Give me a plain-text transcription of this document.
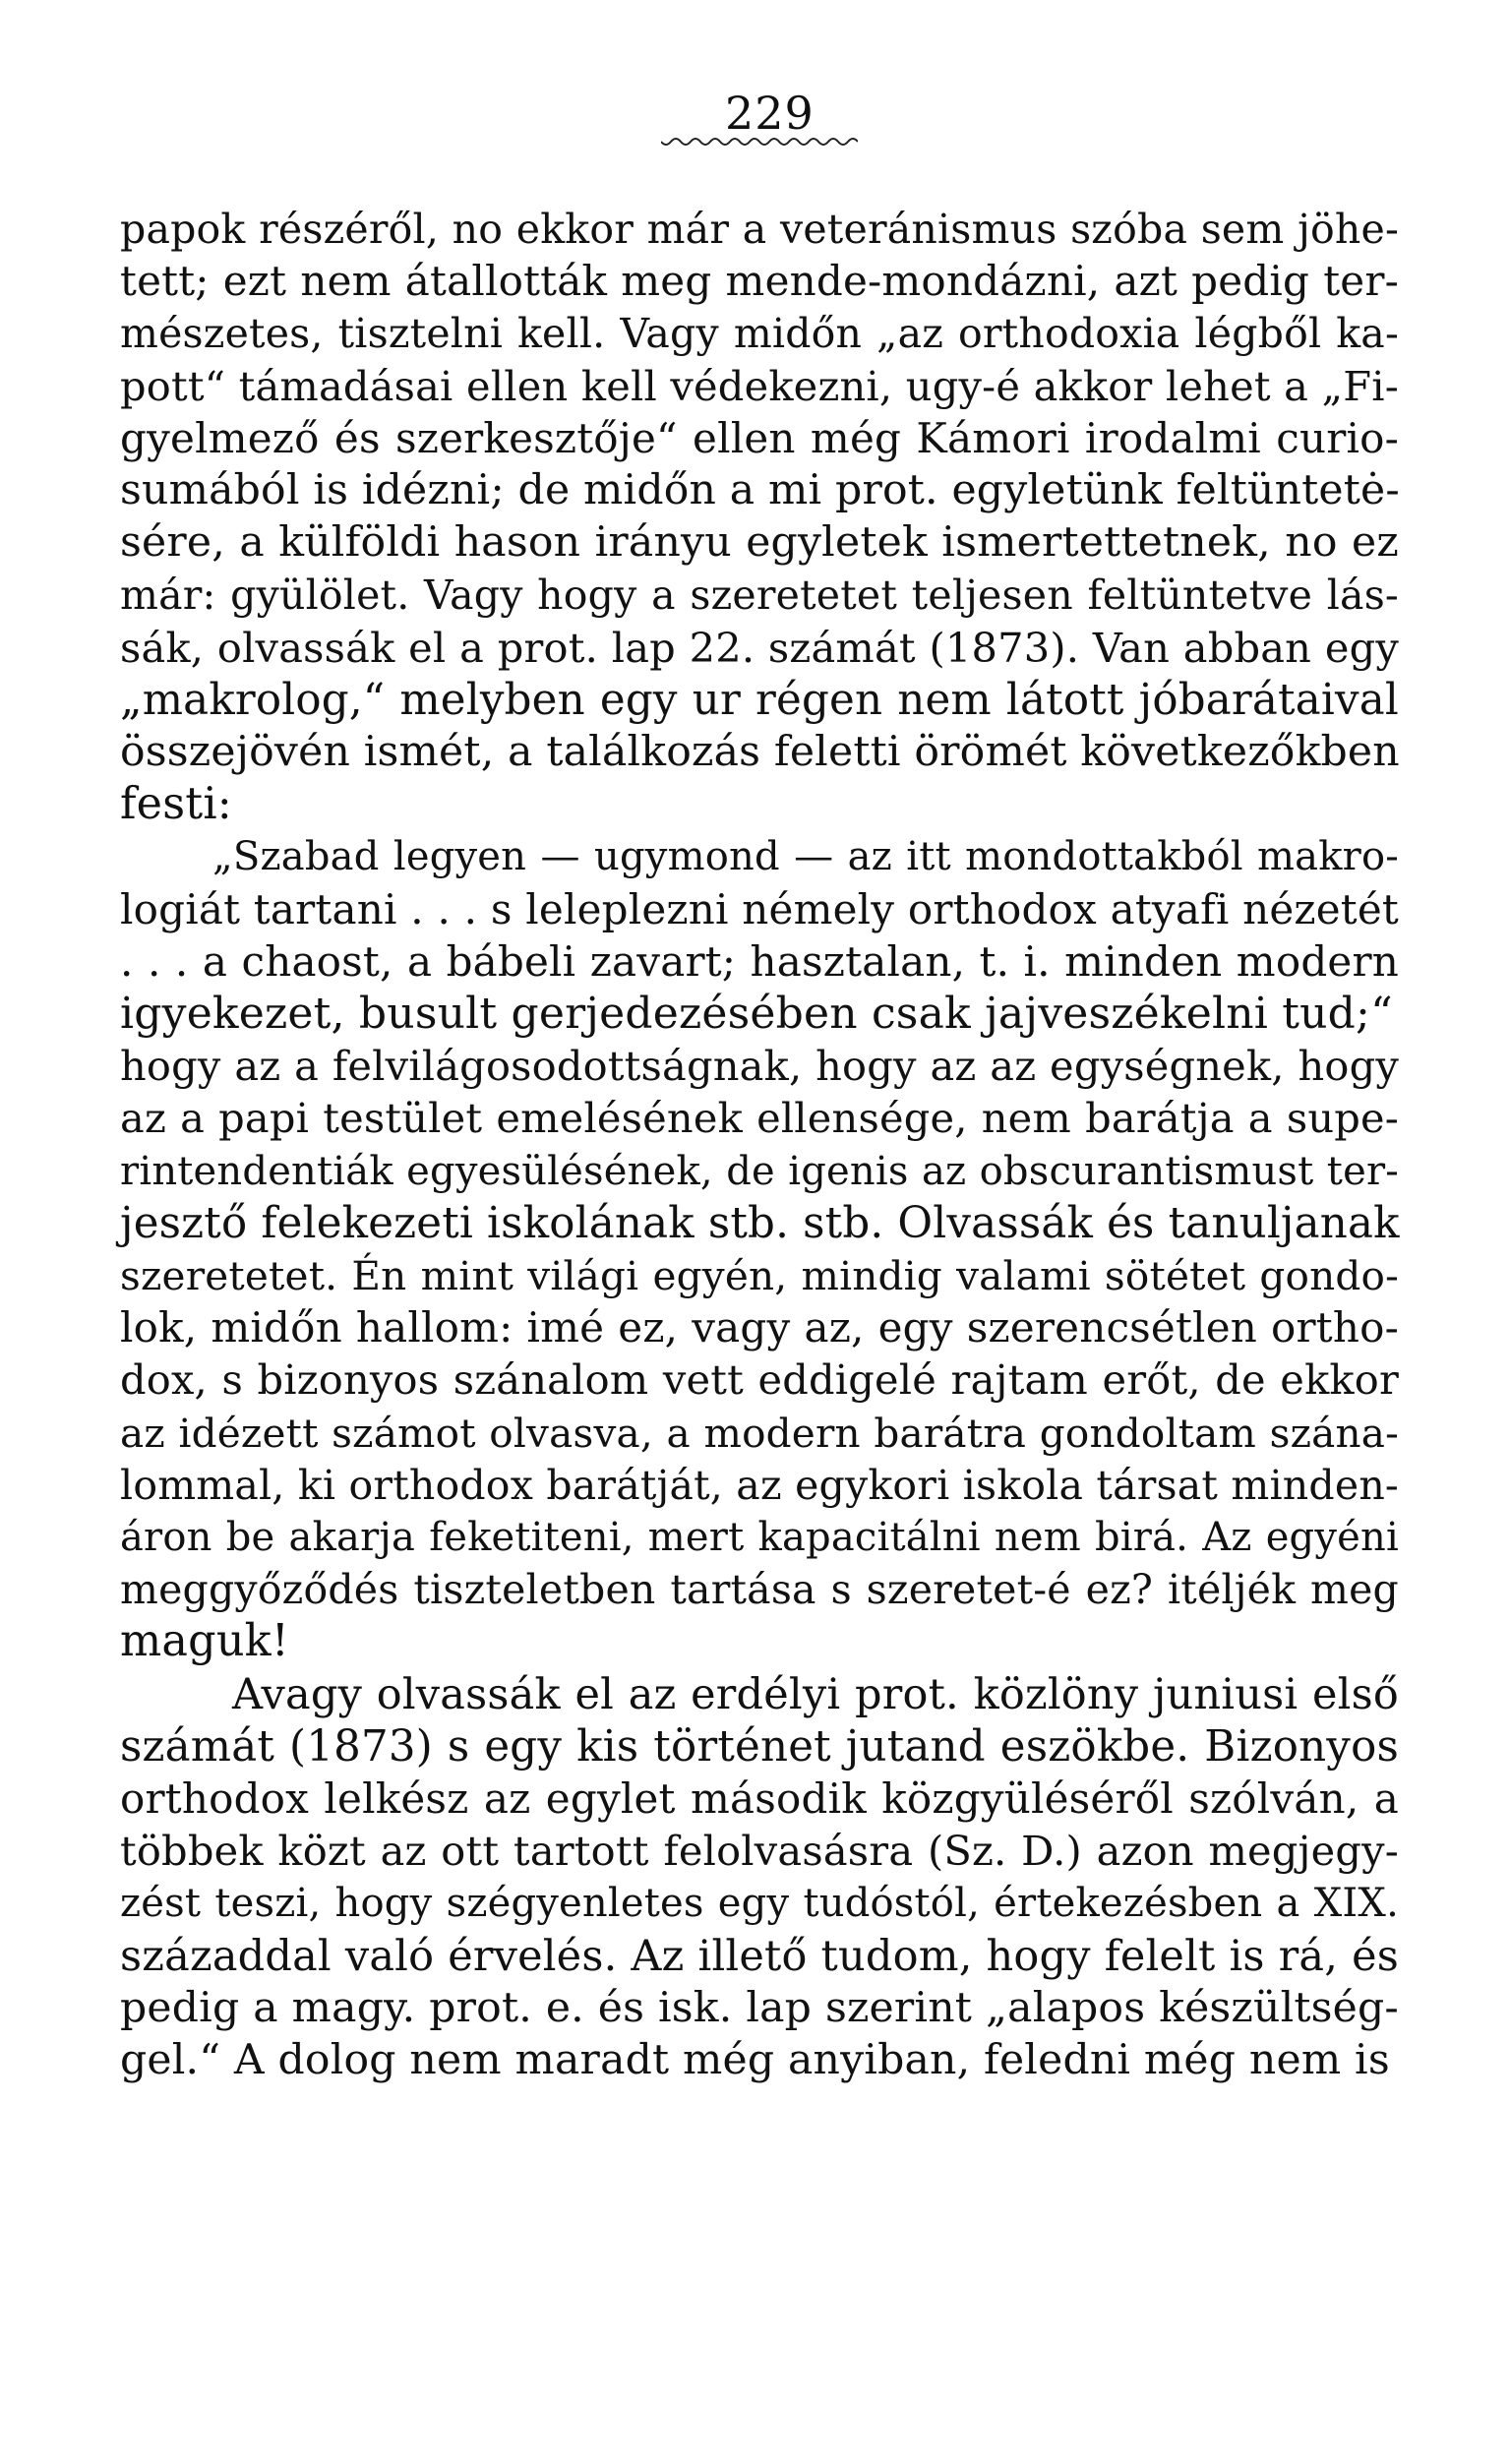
229
papok részéről, no ekkor már a veteránismus szóba sem jöhe-
tett; ezt nem átallották meg mende-mondázni, azt pedig ter-
mészetes, tisztelni kell. Vagy midőn „az orthodoxia légből ka-
pott“ támadásai ellen kell védekezni, ugy-é akkor lehet a „Fi-
gyelmező és szerkesztője“ ellen még Kámori irodalmi curio-
sumából is idézni; de midőn a mi prot. egyletünk feltüntetė-
sére, a külföldi hason irányu egyletek ismertettetnek, no ez
már: gyülölet. Vagy hogy a szeretetet teljesen feltüntetve lás-
sák, olvassák el a prot. lap 22. számát (1873). Van abban egy
„makrolog,“ melyben egy ur régen nem látott jóbarátaival
összejövén ismét, a találkozás feletti örömét következőkben
festi:
„Szabad legyen — ugymond — az itt mondottakból makro-
logiát tartani . . . s leleplezni némely orthodox atyafi nézetét
. . . a chaost, a bábeli zavart; hasztalan, t. i. minden modern
igyekezet, busult gerjedezésében csak jajveszékelni tud;“
hogy az a felvilágosodottságnak, hogy az az egységnek, hogy
az a papi testület emelésének ellensége, nem barátja a supe-
rintendentiák egyesülésének, de igenis az obscurantismust ter-
jesztő felekezeti iskolának stb. stb. Olvassák és tanuljanak
szeretetet. Én mint világi egyén, mindig valami sötétet gondo-
lok, midőn hallom: imé ez, vagy az, egy szerencsétlen ortho-
dox, s bizonyos szánalom vett eddigelé rajtam erőt, de ekkor
az idézett számot olvasva, a modern barátra gondoltam szána-
lommal, ki orthodox barátját, az egykori iskola társat minden-
áron be akarja feketiteni, mert kapacitálni nem birá. Az egyéni
meggyőződés tiszteletben tartása s szeretet-é ez? itéljék meg
maguk!
Avagy olvassák el az erdélyi prot. közlöny juniusi első
számát (1873) s egy kis történet jutand eszökbe. Bizonyos
orthodox lelkész az egylet második közgyüléséről szólván, a
többek közt az ott tartott felolvasásra (Sz. D.) azon megjegy-
zést teszi, hogy szégyenletes egy tudóstól, értekezésben a XIX.
századdal való érvelés. Az illető tudom, hogy felelt is rá, és
pedig a magy. prot. e. és isk. lap szerint „alapos készültség-
gel.“ A dolog nem maradt még anyiban, feledni még nem is
